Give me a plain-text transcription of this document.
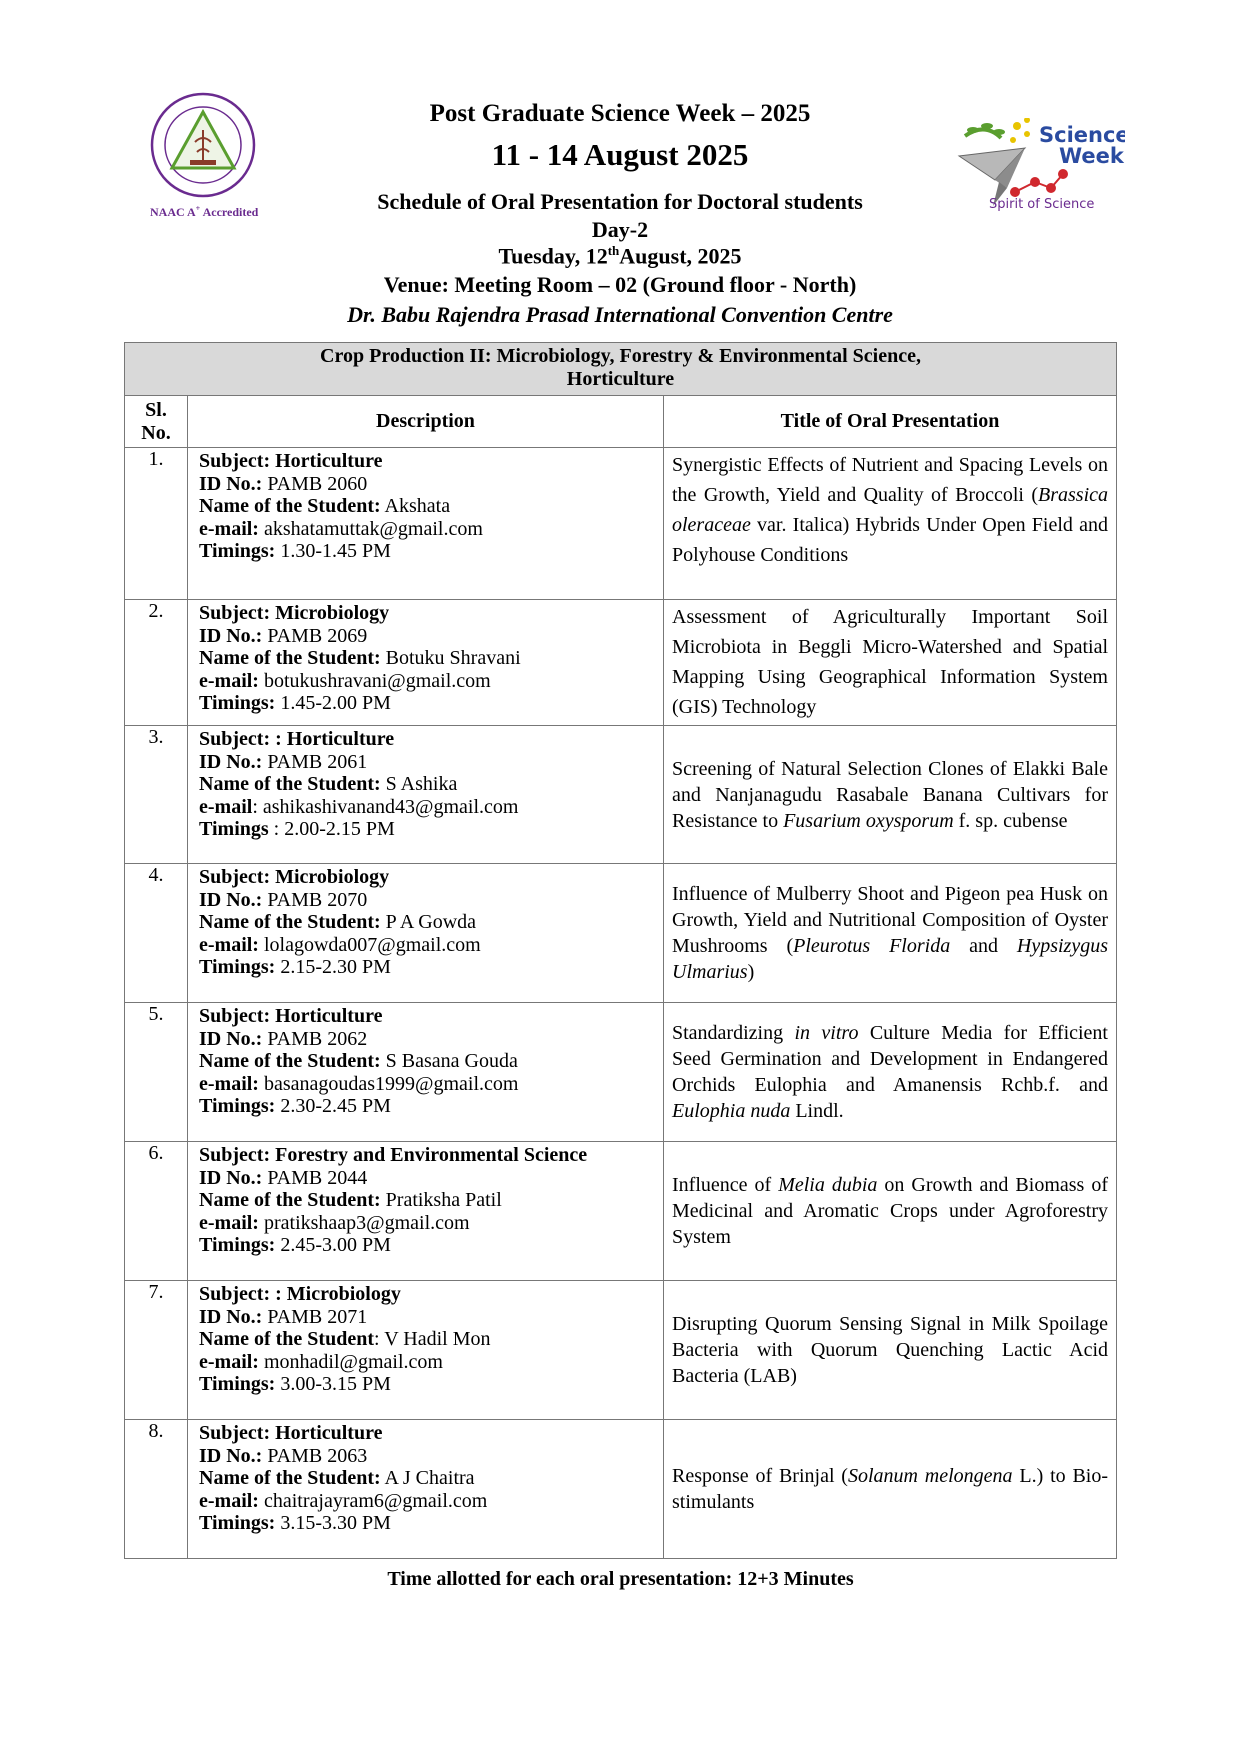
NAAC A+ Accredited
Science
Week
Spirit of Science
Post Graduate Science Week – 2025
11 - 14 August 2025
Schedule of Oral Presentation for Doctoral students
Day-2
Tuesday, 12thAugust, 2025
Venue: Meeting Room – 02 (Ground floor - North)
Dr. Babu Rajendra Prasad International Convention Centre
Crop Production II: Microbiology, Forestry & Environmental Science,
Horticulture		
Sl.
No.	Description	Title of Oral Presentation
1.	Subject: Horticulture
ID No.: PAMB 2060
Name of the Student: Akshata
e-mail: akshatamuttak@gmail.com
Timings: 1.30-1.45 PM	Synergistic Effects of Nutrient and Spacing Levels on the Growth, Yield and Quality of Broccoli (Brassica oleraceae var. Italica) Hybrids Under Open Field and Polyhouse Conditions
2.	Subject: Microbiology
ID No.: PAMB 2069
Name of the Student: Botuku Shravani
e-mail: botukushravani@gmail.com
Timings: 1.45-2.00 PM	Assessment of Agriculturally Important Soil Microbiota in Beggli Micro-Watershed and Spatial Mapping Using Geographical Information System (GIS) Technology
3.	Subject: : Horticulture
ID No.: PAMB 2061
Name of the Student: S Ashika
e-mail: ashikashivanand43@gmail.com
Timings : 2.00-2.15 PM	Screening of Natural Selection Clones of Elakki Bale and Nanjanagudu Rasabale Banana Cultivars for Resistance to Fusarium oxysporum f. sp. cubense
4.	Subject: Microbiology
ID No.: PAMB 2070
Name of the Student: P A Gowda
e-mail: lolagowda007@gmail.com
Timings: 2.15-2.30 PM	Influence of Mulberry Shoot and Pigeon pea Husk on Growth, Yield and Nutritional Composition of Oyster Mushrooms (Pleurotus Florida and Hypsizygus Ulmarius)
5.	Subject: Horticulture
ID No.: PAMB 2062
Name of the Student: S Basana Gouda
e-mail: basanagoudas1999@gmail.com
Timings: 2.30-2.45 PM	Standardizing in vitro Culture Media for Efficient Seed Germination and Development in Endangered Orchids Eulophia and Amanensis Rchb.f. and Eulophia nuda Lindl.
6.	Subject: Forestry and Environmental Science
ID No.: PAMB 2044
Name of the Student: Pratiksha Patil
e-mail: pratikshaap3@gmail.com
Timings: 2.45-3.00 PM	Influence of Melia dubia on Growth and Biomass of Medicinal and Aromatic Crops under Agroforestry System
7.	Subject: : Microbiology
ID No.: PAMB 2071
Name of the Student: V Hadil Mon
e-mail: monhadil@gmail.com
Timings: 3.00-3.15 PM	Disrupting Quorum Sensing Signal in Milk Spoilage Bacteria with Quorum Quenching Lactic Acid Bacteria (LAB)
8.	Subject: Horticulture
ID No.: PAMB 2063
Name of the Student: A J Chaitra
e-mail: chaitrajayram6@gmail.com
Timings: 3.15-3.30 PM	Response of Brinjal (Solanum melongena L.) to Bio-stimulants
Time allotted for each oral presentation: 12+3 Minutes
